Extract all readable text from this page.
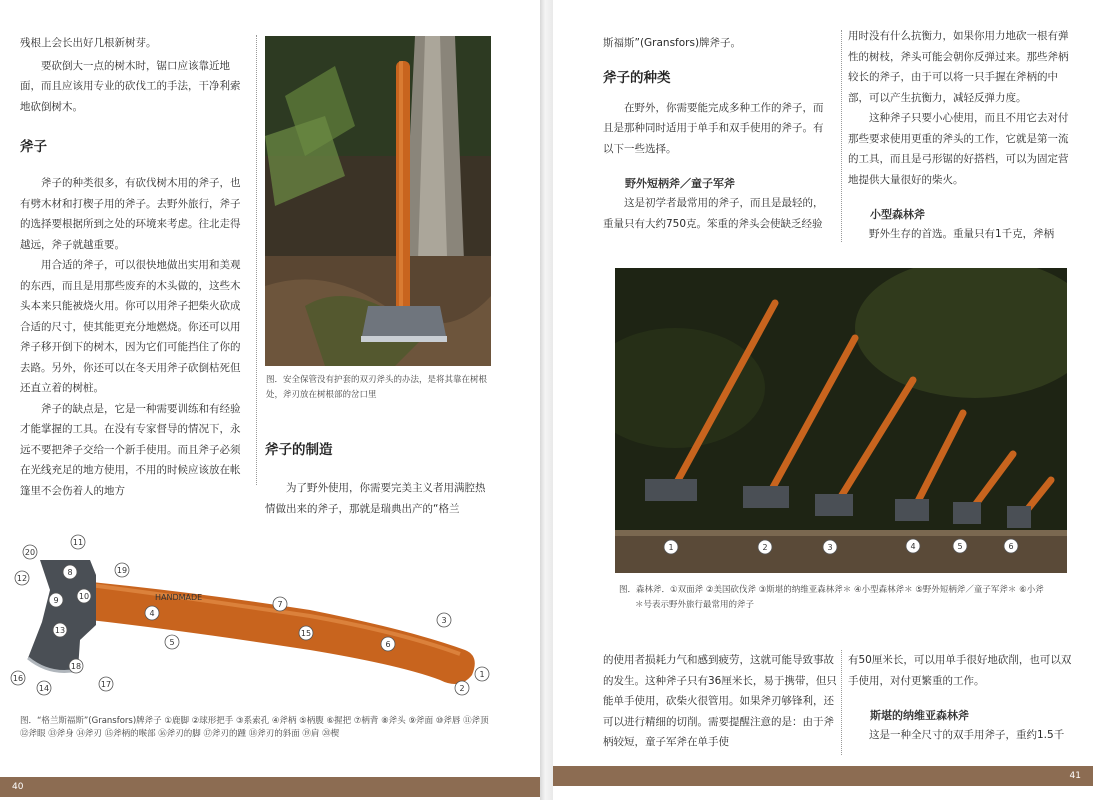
残根上会长出好几根新树芽。

要砍倒大一点的树木时，锯口应该靠近地面，而且应该用专业的砍伐工的手法，干净利索地砍倒树木。

斧子

斧子的种类很多，有砍伐树木用的斧子，也有劈木材和打楔子用的斧子。去野外旅行，斧子的选择要根据所到之处的环境来考虑。往北走得越远，斧子就越重要。

用合适的斧子，可以很快地做出实用和美观的东西，而且是用那些废弃的木头做的，这些木头本来只能被烧火用。你可以用斧子把柴火砍成合适的尺寸，使其能更充分地燃烧。你还可以用斧子移开倒下的树木，因为它们可能挡住了你的去路。另外，你还可以在冬天用斧子砍倒枯死但还直立着的树桩。

斧子的缺点是，它是一种需要训练和有经验才能掌握的工具。在没有专家督导的情况下，永远不要把斧子交给一个新手使用。而且斧子必须在光线充足的地方使用，不用的时候应该放在帐篷里不会伤着人的地方

图．安全保管没有护套的双刃斧头的办法，是将其靠在树根处，斧刃放在树根部的岔口里

斧子的制造

为了野外使用，你需要完美主义者用满腔热情做出来的斧子，那就是瑞典出产的“格兰

HANDMADE
1
2
3
4
5	6
7
8
9	10
11
12
13
14
15
16
17
18
19
20

图．“格兰斯福斯”(Gransfors)牌斧子 ①鹿脚 ②球形把手 ③系索孔 ④斧柄 ⑤柄腹 ⑥握把 ⑦柄背 ⑧斧头 ⑨斧面 ⑩斧唇 ⑪斧顶 ⑫斧眼 ⑬斧身 ⑭斧刃 ⑮斧柄的喉部 ⑯斧刃的脚 ⑰斧刃的踵 ⑱斧刃的斜面 ⑲肩 ⑳楔

40

斯福斯”(Gransfors)牌斧子。

斧子的种类

在野外，你需要能完成多种工作的斧子，而且是那种同时适用于单手和双手使用的斧子。有以下一些选择。

野外短柄斧／童子军斧

这是初学者最常用的斧子，而且是最轻的，重量只有大约750克。笨重的斧头会使缺乏经验

用时没有什么抗衡力，如果你用力地砍一根有弹性的树枝，斧头可能会朝你反弹过来。那些斧柄较长的斧子，由于可以将一只手握在斧柄的中部，可以产生抗衡力，减轻反弹力度。

这种斧子只要小心使用，而且不用它去对付那些要求使用更重的斧头的工作，它就是第一流的工具，而且是弓形锯的好搭档，可以为固定营地提供大量很好的柴火。

小型森林斧

野外生存的首选。重量只有1千克，斧柄

1	2	3	4	5	6

图．森林斧．①双面斧 ②美国砍伐斧 ③斯堪的纳维亚森林斧＊ ④小型森林斧＊ ⑤野外短柄斧／童子军斧＊ ⑥小斧

＊号表示野外旅行最常用的斧子

的使用者损耗力气和感到疲劳，这就可能导致事故的发生。这种斧子只有36厘米长，易于携带，但只能单手使用，砍柴火很管用。如果斧刃够锋利，还可以进行精细的切削。需要提醒注意的是：由于斧柄较短，童子军斧在单手使

有50厘米长，可以用单手很好地砍削，也可以双手使用，对付更繁重的工作。

斯堪的纳维亚森林斧

这是一种全尺寸的双手用斧子，重约1.5千

41
